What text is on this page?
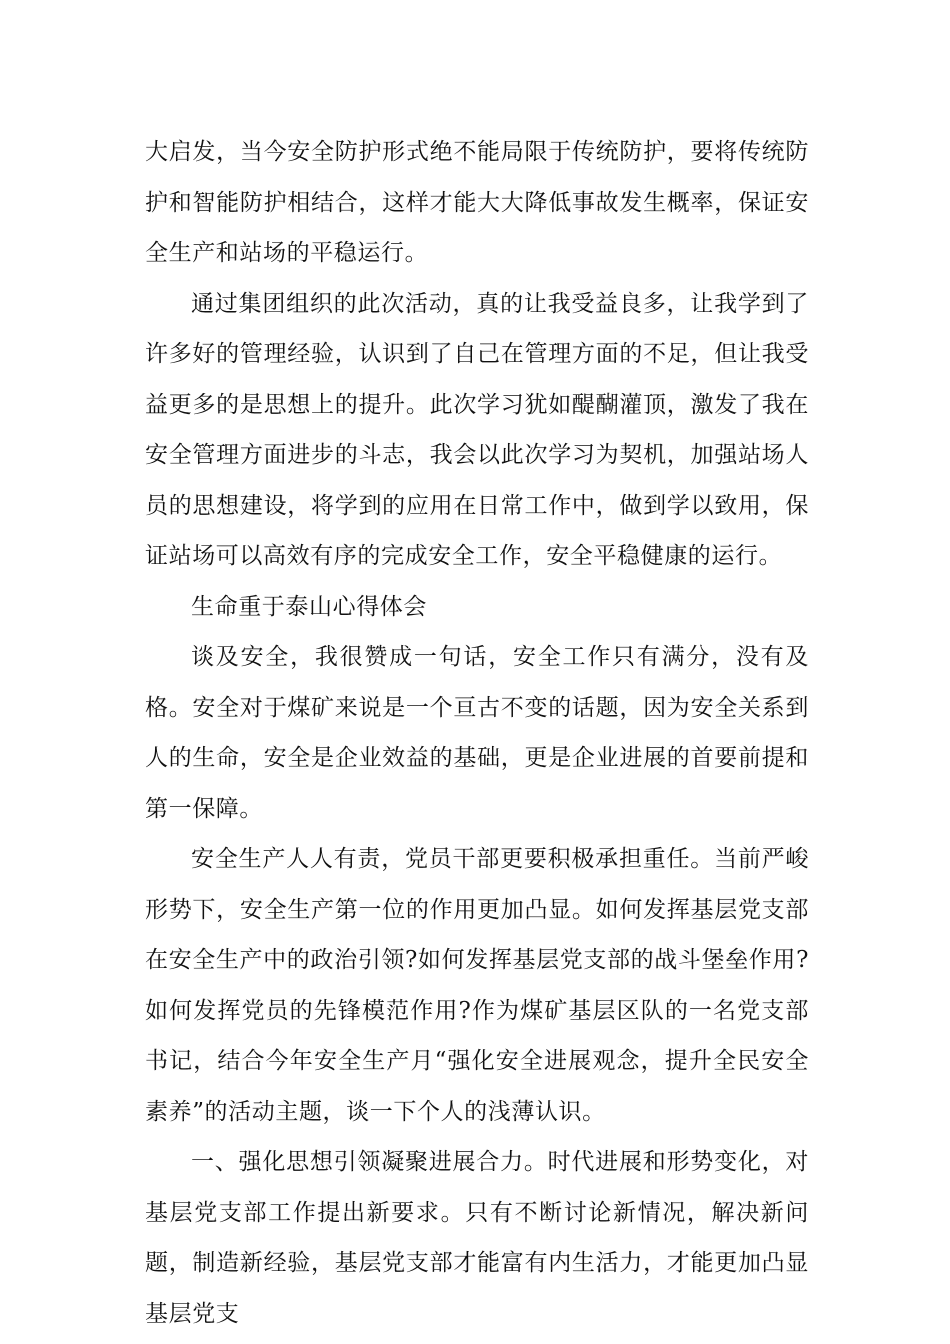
大启发，当今安全防护形式绝不能局限于传统防护，要将传统防护和智能防护相结合，这样才能大大降低事故发生概率，保证安全生产和站场的平稳运行。

通过集团组织的此次活动，真的让我受益良多，让我学到了许多好的管理经验，认识到了自己在管理方面的不足，但让我受益更多的是思想上的提升。此次学习犹如醍醐灌顶，激发了我在安全管理方面进步的斗志，我会以此次学习为契机，加强站场人员的思想建设，将学到的应用在日常工作中，做到学以致用，保证站场可以高效有序的完成安全工作，安全平稳健康的运行。

生命重于泰山心得体会

谈及安全，我很赞成一句话，安全工作只有满分，没有及格。安全对于煤矿来说是一个亘古不变的话题，因为安全关系到人的生命，安全是企业效益的基础，更是企业进展的首要前提和第一保障。

安全生产人人有责，党员干部更要积极承担重任。当前严峻形势下，安全生产第一位的作用更加凸显。如何发挥基层党支部在安全生产中的政治引领?如何发挥基层党支部的战斗堡垒作用?如何发挥党员的先锋模范作用?作为煤矿基层区队的一名党支部书记，结合今年安全生产月“强化安全进展观念，提升全民安全素养”的活动主题，谈一下个人的浅薄认识。

一、强化思想引领凝聚进展合力。时代进展和形势变化，对基层党支部工作提出新要求。只有不断讨论新情况，解决新问题，制造新经验，基层党支部才能富有内生活力，才能更加凸显基层党支
